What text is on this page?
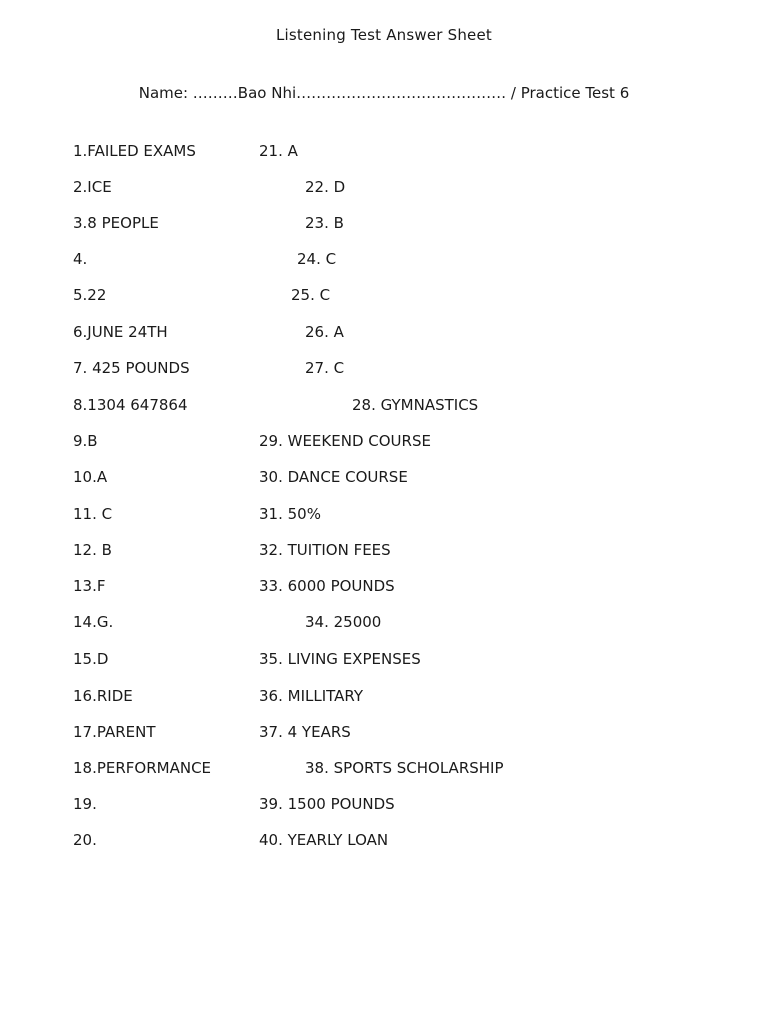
Listening Test Answer Sheet
Name: ………Bao Nhi…………………………………… / Practice Test 6
1.FAILED EXAMS
2.ICE
3.8 PEOPLE
4.
5.22
6.JUNE 24TH
7. 425 POUNDS
8.1304 647864
9.B
10.A
11. C
12. B
13.F
14.G.
15.D
16.RIDE
17.PARENT
18.PERFORMANCE
19.
20.
21. A
22. D
23. B
24. C
25. C
26. A
27. C
28. GYMNASTICS
29. WEEKEND COURSE
30. DANCE COURSE
31. 50%
32. TUITION FEES
33. 6000 POUNDS
34. 25000
35. LIVING EXPENSES
36. MILLITARY
37. 4 YEARS
38. SPORTS SCHOLARSHIP
39. 1500 POUNDS
40. YEARLY LOAN
